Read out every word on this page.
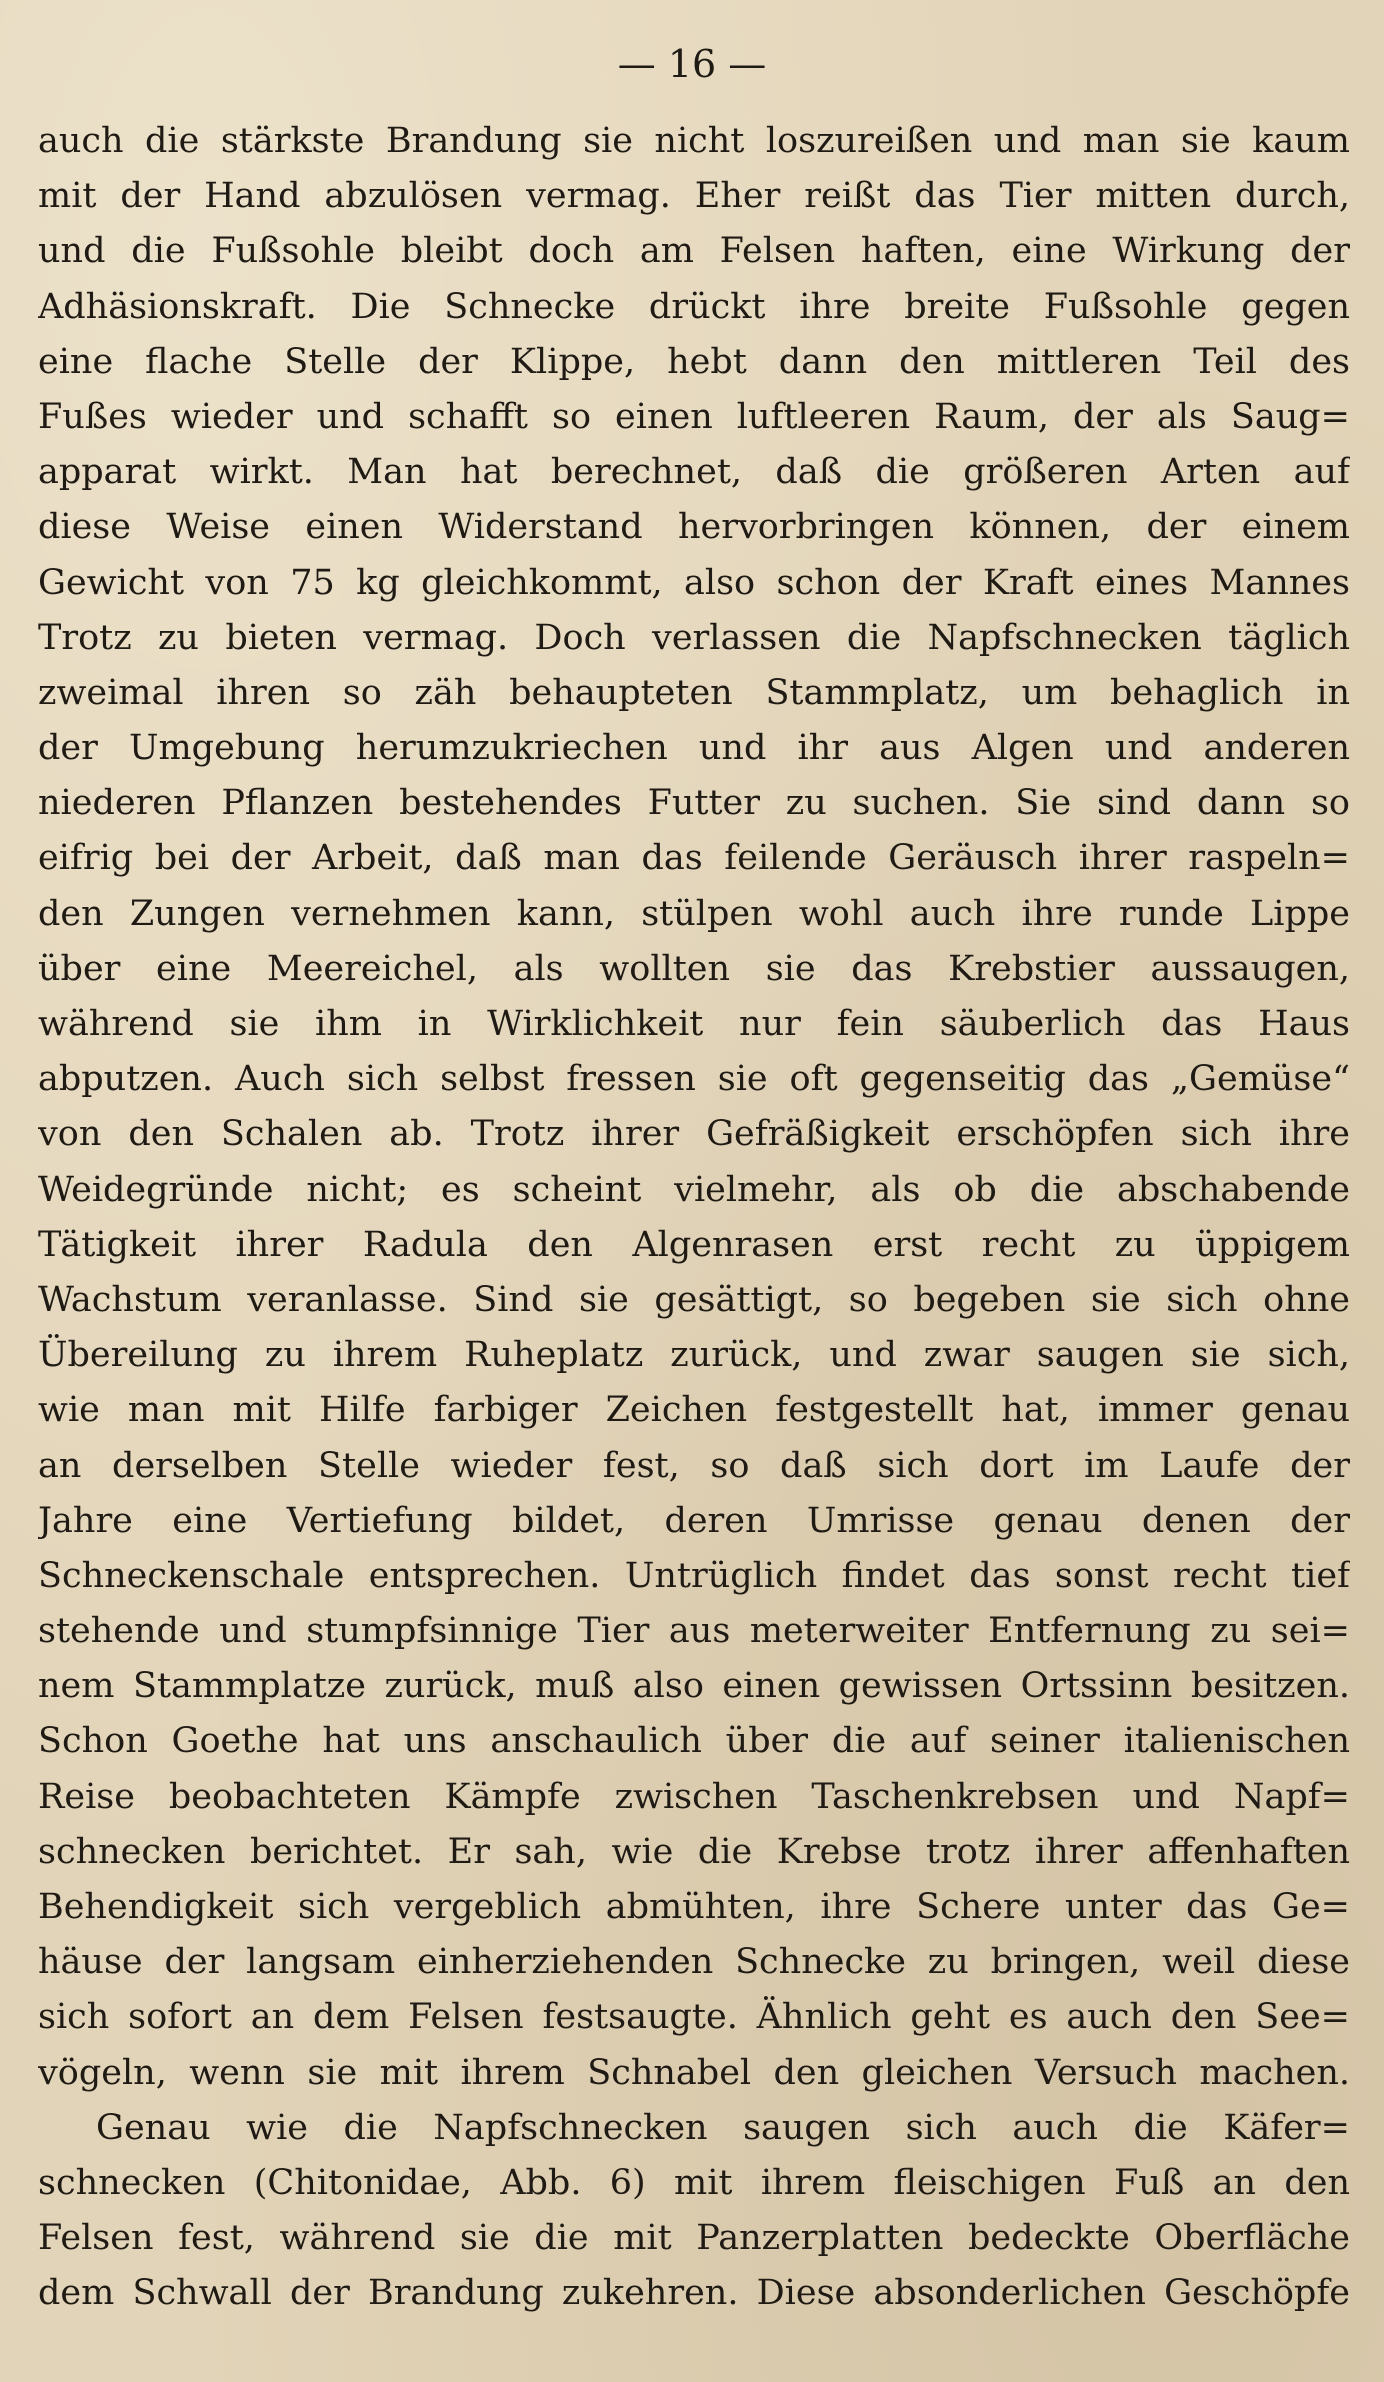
— 16 —
auch die stärkste Brandung sie nicht loszureißen und man sie kaum
mit der Hand abzulösen vermag. Eher reißt das Tier mitten durch,
und die Fußsohle bleibt doch am Felsen haften, eine Wirkung der
Adhäsionskraft. Die Schnecke drückt ihre breite Fußsohle gegen
eine flache Stelle der Klippe, hebt dann den mittleren Teil des
Fußes wieder und schafft so einen luftleeren Raum, der als Saug=
apparat wirkt. Man hat berechnet, daß die größeren Arten auf
diese Weise einen Widerstand hervorbringen können, der einem
Gewicht von 75 kg gleichkommt, also schon der Kraft eines Mannes
Trotz zu bieten vermag. Doch verlassen die Napfschnecken täglich
zweimal ihren so zäh behaupteten Stammplatz, um behaglich in
der Umgebung herumzukriechen und ihr aus Algen und anderen
niederen Pflanzen bestehendes Futter zu suchen. Sie sind dann so
eifrig bei der Arbeit, daß man das feilende Geräusch ihrer raspeln=
den Zungen vernehmen kann, stülpen wohl auch ihre runde Lippe
über eine Meereichel, als wollten sie das Krebstier aussaugen,
während sie ihm in Wirklichkeit nur fein säuberlich das Haus
abputzen. Auch sich selbst fressen sie oft gegenseitig das „Gemüse“
von den Schalen ab. Trotz ihrer Gefräßigkeit erschöpfen sich ihre
Weidegründe nicht; es scheint vielmehr, als ob die abschabende
Tätigkeit ihrer Radula den Algenrasen erst recht zu üppigem
Wachstum veranlasse. Sind sie gesättigt, so begeben sie sich ohne
Übereilung zu ihrem Ruheplatz zurück, und zwar saugen sie sich,
wie man mit Hilfe farbiger Zeichen festgestellt hat, immer genau
an derselben Stelle wieder fest, so daß sich dort im Laufe der
Jahre eine Vertiefung bildet, deren Umrisse genau denen der
Schneckenschale entsprechen. Untrüglich findet das sonst recht tief
stehende und stumpfsinnige Tier aus meterweiter Entfernung zu sei=
nem Stammplatze zurück, muß also einen gewissen Ortssinn besitzen.
Schon Goethe hat uns anschaulich über die auf seiner italienischen
Reise beobachteten Kämpfe zwischen Taschenkrebsen und Napf=
schnecken berichtet. Er sah, wie die Krebse trotz ihrer affenhaften
Behendigkeit sich vergeblich abmühten, ihre Schere unter das Ge=
häuse der langsam einherziehenden Schnecke zu bringen, weil diese
sich sofort an dem Felsen festsaugte. Ähnlich geht es auch den See=
vögeln, wenn sie mit ihrem Schnabel den gleichen Versuch machen.
Genau wie die Napfschnecken saugen sich auch die Käfer=
schnecken (Chitonidae, Abb. 6) mit ihrem fleischigen Fuß an den
Felsen fest, während sie die mit Panzerplatten bedeckte Oberfläche
dem Schwall der Brandung zukehren. Diese absonderlichen Geschöpfe
